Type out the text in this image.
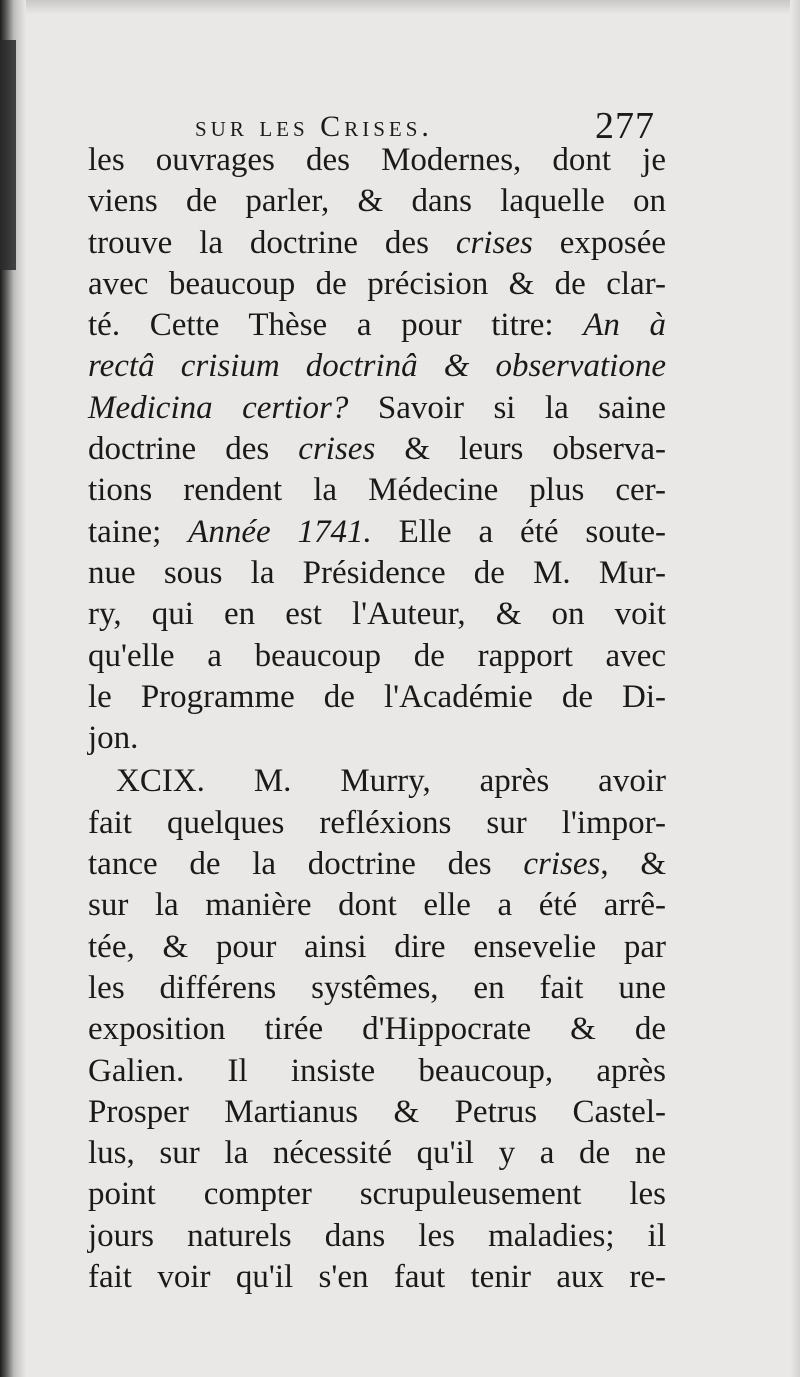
sur les Crises.	277
les ouvrages des Modernes, dont je
viens de parler, & dans laquelle on
trouve la doctrine des crises exposée
avec beaucoup de précision & de clar-
té. Cette Thèse a pour titre: An à
rectâ crisium doctrinâ & observatione
Medicina certior? Savoir si la saine
doctrine des crises & leurs observa-
tions rendent la Médecine plus cer-
taine; Année 1741. Elle a été soute-
nue sous la Présidence de M. Mur-
ry, qui en est l'Auteur, & on voit
qu'elle a beaucoup de rapport avec
le Programme de l'Académie de Di-
jon.
XCIX. M. Murry, après avoir
fait quelques refléxions sur l'impor-
tance de la doctrine des crises, &
sur la manière dont elle a été arrê-
tée, & pour ainsi dire ensevelie par
les différens systêmes, en fait une
exposition tirée d'Hippocrate & de
Galien. Il insiste beaucoup, après
Prosper Martianus & Petrus Castel-
lus, sur la nécessité qu'il y a de ne
point compter scrupuleusement les
jours naturels dans les maladies; il
fait voir qu'il s'en faut tenir aux re-
